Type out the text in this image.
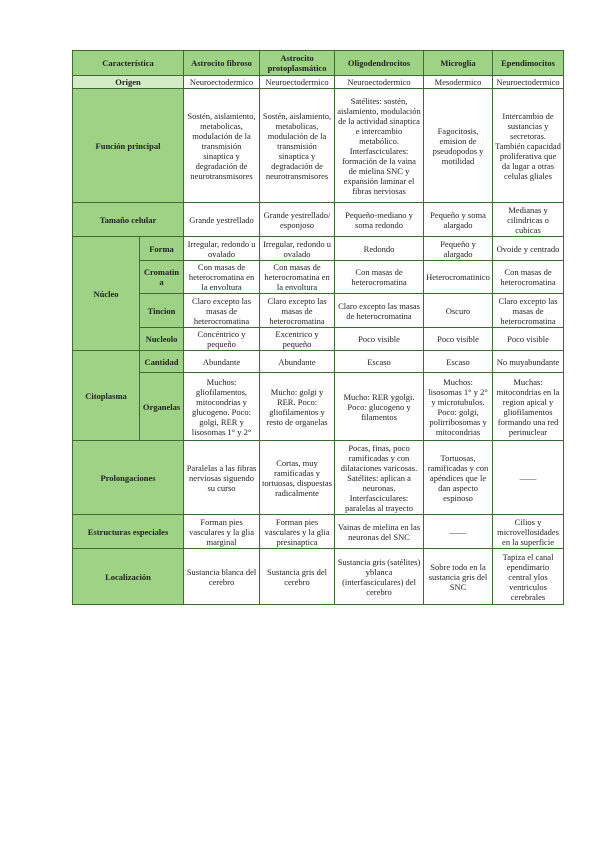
Característica		Astrocito fibroso	Astrocito protoplasmático	Oligodendrocitos	Microglía	Ependimocitos
Origen		Neuroectodermico	Neuroectodermico	Neuroectodermico	Mesodermico	Neuroectodermico
Función principal		Sostén, aislamiento, metabolicas, modulación de la transmisión sinaptica y degradación de neurotransmisores	Sostén, aislamiento, metabolicas, modulación de la transmisión sinaptica y degradación de neurotransmisores	Satélites: sostén, aislamiento, modulación de la actividad sinaptica e intercambio metabólico. Interfasciculares: formación de la vaina de mielina SNC y expansión laminar el fibras nerviosas	Fagocitosis, emision de pseudopodos y motilidad	Intercambio de sustancias y secretoras. También capacidad proliferativa que da lugar a otras celulas gliales
Tamaño celular		Grande yestrellado	Grande yestrellado/ esponjoso	Pequeño-mediano y soma redondo	Pequeño y soma alargado	Medianas y cilindricas o cubicas
Núcleo	Forma	Irregular, redondo u ovalado	Irregular, redondo u ovalado	Redondo	Pequeño y alargado	Ovoide y centrado
	Cromatina	Con masas de heterocromatina en la envoltura	Con masas de heterocromatina en la envoltura	Con masas de heterocromatina	Heterocromatinico	Con masas de heterocromatina
	Tincion	Claro excepto las masas de heterocromatina	Claro excepto las masas de heterocromatina	Claro excepto las masas de heterocromatina	Oscuro	Claro excepto las masas de heterocromatina
	Nucleolo	Concéntrico y pequeño	Excentrico y pequeño	Poco visible	Poco visible	Poco visible
Citoplasma	Cantidad	Abundante	Abundante	Escaso	Escaso	No muyabundante
	Organelas	Muchos: gliofilamentos, mitocondrias y glucogeno. Poco: golgi, RER y lisosomas 1° y 2°	Mucho: golgi y RER. Poco: gliofilamentos y resto de organelas	Mucho: RER ygolgi. Poco: glucogeno y filamentos	Muchos: lisosomas 1° y 2° y microtubulos. Poco: golgi, polirribosomas y mitocondrias	Muchas: mitocondrias en la region apical y gliofilamentos formando una red perinuclear
Prolongaciones		Paralelas a las fibras nerviosas siguendo su curso	Cortas, muy ramificadas y tortuosas, dispuestas radicalmente	Pocas, finas, poco ramificadas y con dilataciones varicosas. Satélites: aplican a neuronas. Interfasciculares: paralelas al trayecto	Tortuosas, ramificadas y con apéndices que le dan aspecto espinoso	——
Estructuras especiales		Forman pies vasculares y la glia marginal	Forman pies vasculares y la glia presinaptica	Vainas de mielina en las neuronas del SNC	——	Cilios y microvellosidades en la superficie
Localización		Sustancia blanca del cerebro	Sustancia gris del cerebro	Sustancia gris (satélites) yblanca (interfasciculares) del cerebro	Sobre todo en la sustancia gris del SNC	Tapiza el canal ependimario central ylos ventriculos cerebrales
